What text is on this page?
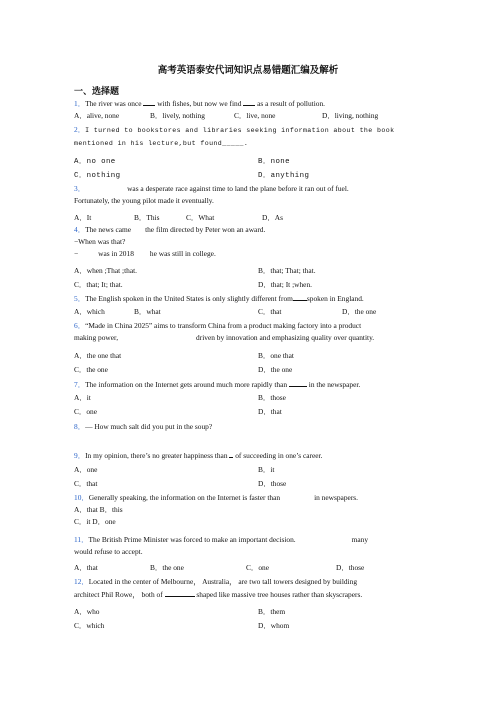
高考英语泰安代词知识点易错题汇编及解析
一、选择题
1．The river was once  with fishes, but now we find  as a result of pollution.
A．alive, none	B．lively, nothing	C．live, none	D．living, nothing
2．I turned to bookstores and libraries seeking information about the book
mentioned in his lecture,but found_____.
A．no one	B．none
C．nothing	D．anything
3．	was a desperate race against time to land the plane before it ran out of fuel.
Fortunately, the young pilot made it eventually.
A．It	B．This	C．What	D．As
4．The news came the film directed by Peter won an award.
−When was that?
−	was in 2018 he was still in college.
A．when ;That ;that.	B．that; That; that.
C．that; It; that.	D．that; It ;when.
5．The English spoken in the United States is only slightly different from spoken in England.
A．which	B．what	C．that	D．the one
6．“Made in China 2025” aims to transform China from a product making factory into a product
making power,	driven by innovation and emphasizing quality over quantity.
A．the one that	B．one that
C．the one	D．the one
7．The information on the Internet gets around much more rapidly than	in the newspaper.
A．it	B．those
C．one	D．that
8．— How much salt did you put in the soup?
9．In my opinion, there’s no greater happiness than  of succeeding in one’s career.
A．one	B．it
C．that	D．those
10．Generally speaking, the information on the Internet is faster than	in newspapers.
A．that B．this
C．it D．one
11．The British Prime Minister was forced to make an important decision.	many
would refuse to accept.
A．that	B．the one	C．one	D．those
12．Located in the center of Melbourne， Australia， are two tall towers designed by building
architect Phil Rowe， both of	shaped like massive tree houses rather than skyscrapers.
A．who	B．them
C．which	D．whom
